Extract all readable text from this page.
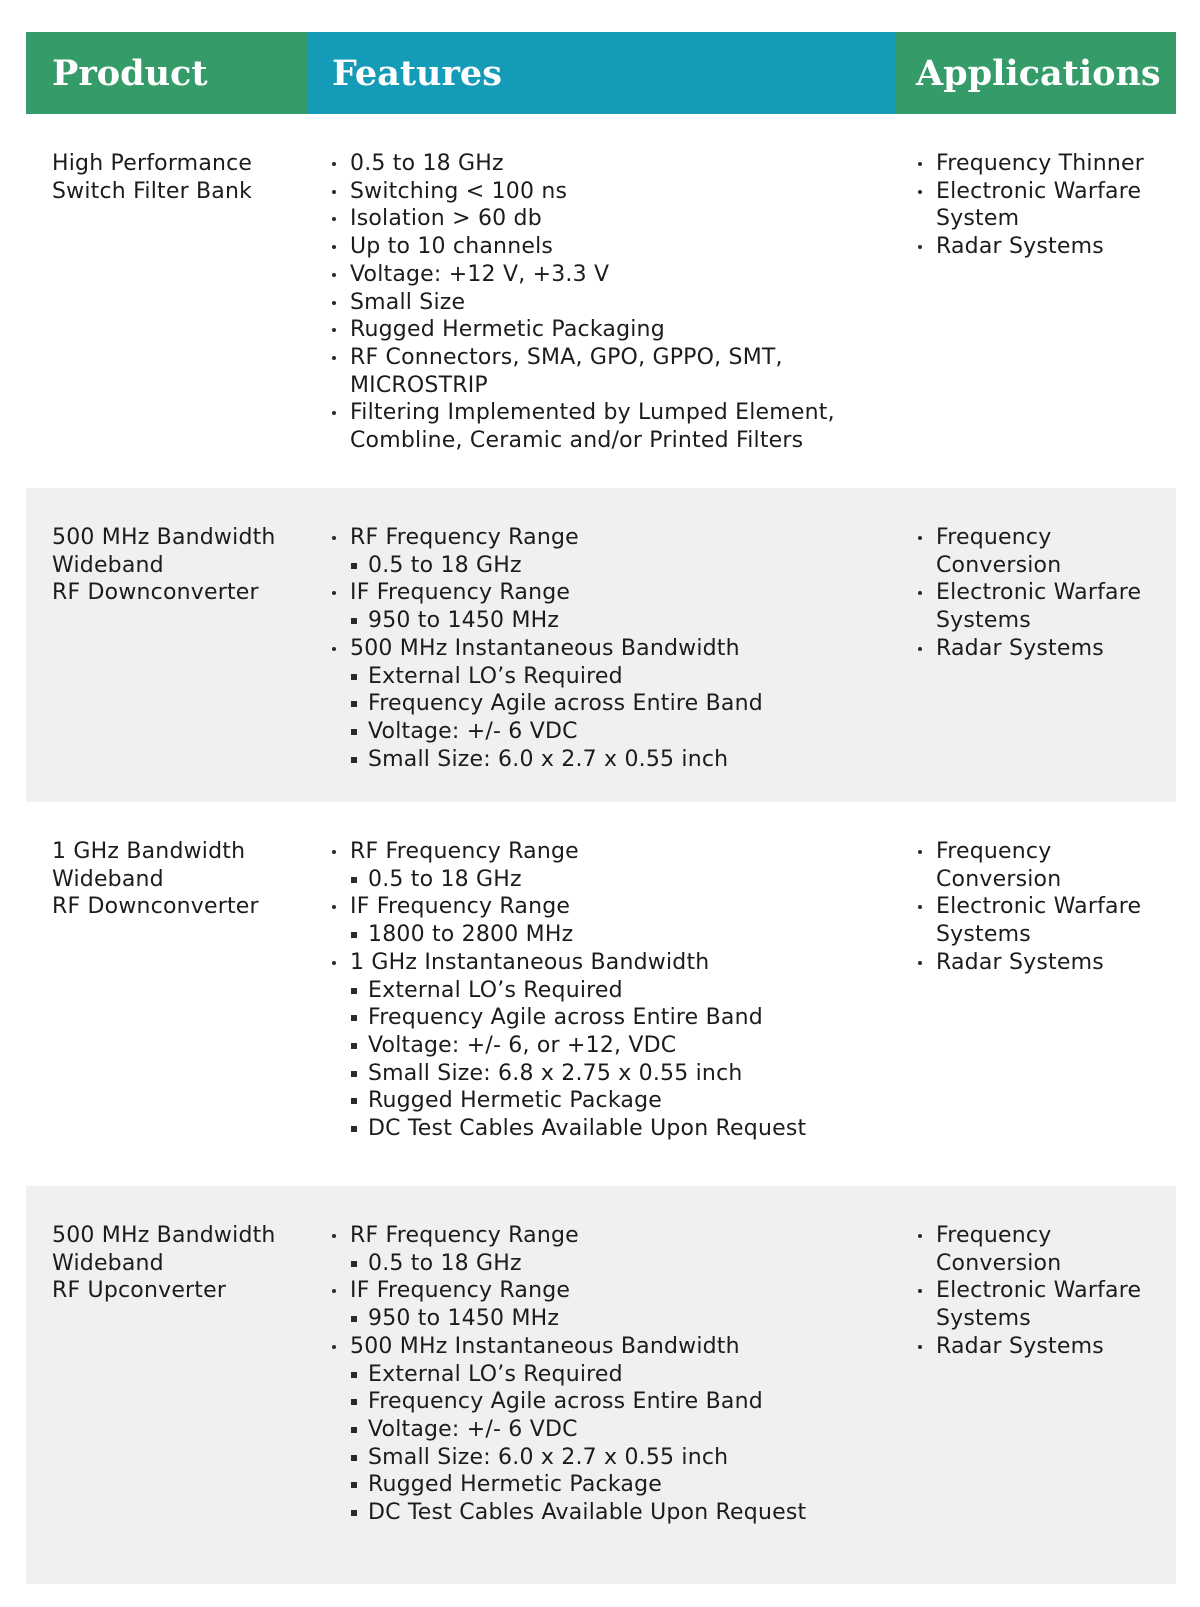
Product	Features	Applications
High Performance
Switch Filter Bank
0.5 to 18 GHz
Switching < 100 ns
Isolation > 60 db
Up to 10 channels
Voltage: +12 V, +3.3 V
Small Size
Rugged Hermetic Packaging
RF Connectors, SMA, GPO, GPPO, SMT, MICROSTRIP
Filtering Implemented by Lumped Element, Combline, Ceramic and/or Printed Filters
Frequency Thinner
Electronic Warfare System
Radar Systems
500 MHz Bandwidth
Wideband
RF Downconverter
RF Frequency Range
0.5 to 18 GHz
IF Frequency Range
950 to 1450 MHz
500 MHz Instantaneous Bandwidth
External LO’s Required
Frequency Agile across Entire Band
Voltage: +/- 6 VDC
Small Size: 6.0 x 2.7 x 0.55 inch
Frequency Conversion
Electronic Warfare Systems
Radar Systems
1 GHz Bandwidth
Wideband
RF Downconverter
RF Frequency Range
0.5 to 18 GHz
IF Frequency Range
1800 to 2800 MHz
1 GHz Instantaneous Bandwidth
External LO’s Required
Frequency Agile across Entire Band
Voltage: +/- 6, or +12, VDC
Small Size: 6.8 x 2.75 x 0.55 inch
Rugged Hermetic Package
DC Test Cables Available Upon Request
Frequency Conversion
Electronic Warfare Systems
Radar Systems
500 MHz Bandwidth
Wideband
RF Upconverter
RF Frequency Range
0.5 to 18 GHz
IF Frequency Range
950 to 1450 MHz
500 MHz Instantaneous Bandwidth
External LO’s Required
Frequency Agile across Entire Band
Voltage: +/- 6 VDC
Small Size: 6.0 x 2.7 x 0.55 inch
Rugged Hermetic Package
DC Test Cables Available Upon Request
Frequency Conversion
Electronic Warfare Systems
Radar Systems
